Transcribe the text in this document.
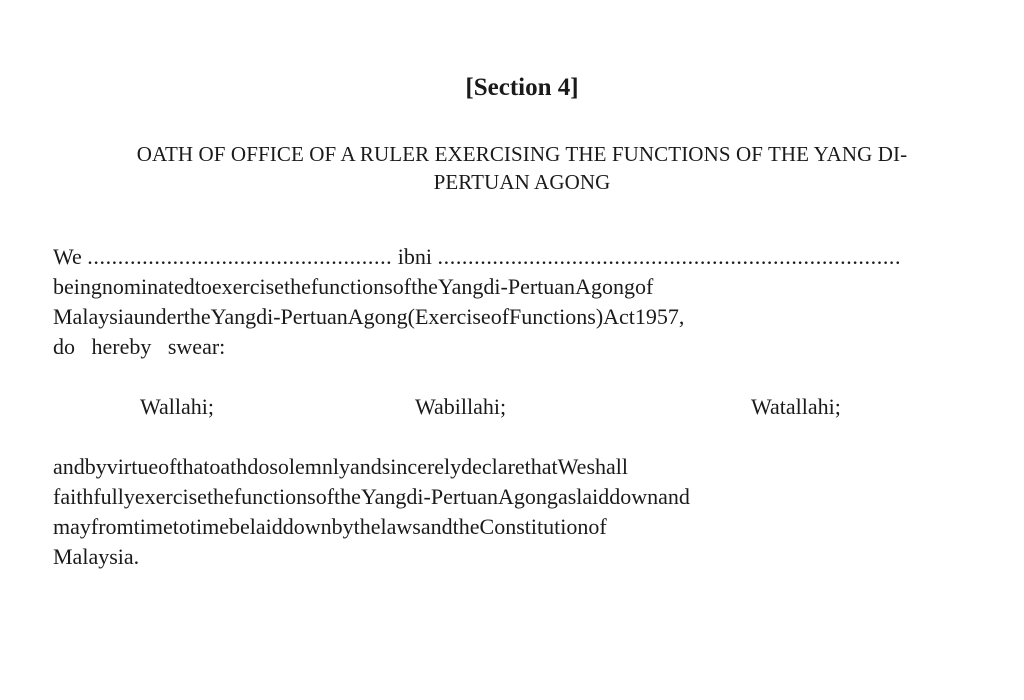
[Section 4]
OATH OF OFFICE OF A RULER EXERCISING THE FUNCTIONS OF THE YANG DI-
PERTUAN AGONG
We .................................................. ibni ............................................................................
beingnominatedtoexercisethefunctionsoftheYangdi-PertuanAgongof
MalaysiaundertheYangdi-PertuanAgong(ExerciseofFunctions)Act1957,
do   hereby   swear:
Wallahi;	Wabillahi;	Watallahi;
andbyvirtueofthatoathdosolemnlyandsincerelydeclarethatWeshall
faithfullyexercisethefunctionsoftheYangdi-PertuanAgongaslaiddownand
mayfromtimetotimebelaiddownbythelawsandtheConstitutionof
Malaysia.
